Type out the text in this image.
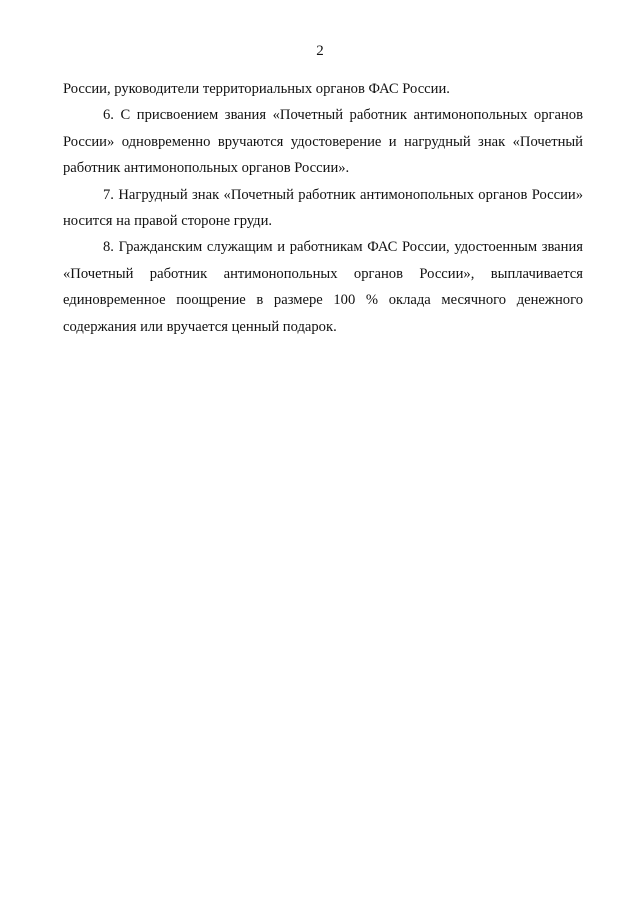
2

России, руководители территориальных органов ФАС России.

6. С присвоением звания «Почетный работник антимонопольных органов России» одновременно вручаются удостоверение и нагрудный знак «Почетный работник антимонопольных органов России».

7. Нагрудный знак «Почетный работник антимонопольных органов России» носится на правой стороне груди.

8. Гражданским служащим и работникам ФАС России, удостоенным звания «Почетный работник антимонопольных органов России», выплачивается единовременное поощрение в размере 100 % оклада месячного денежного содержания или вручается ценный подарок.
